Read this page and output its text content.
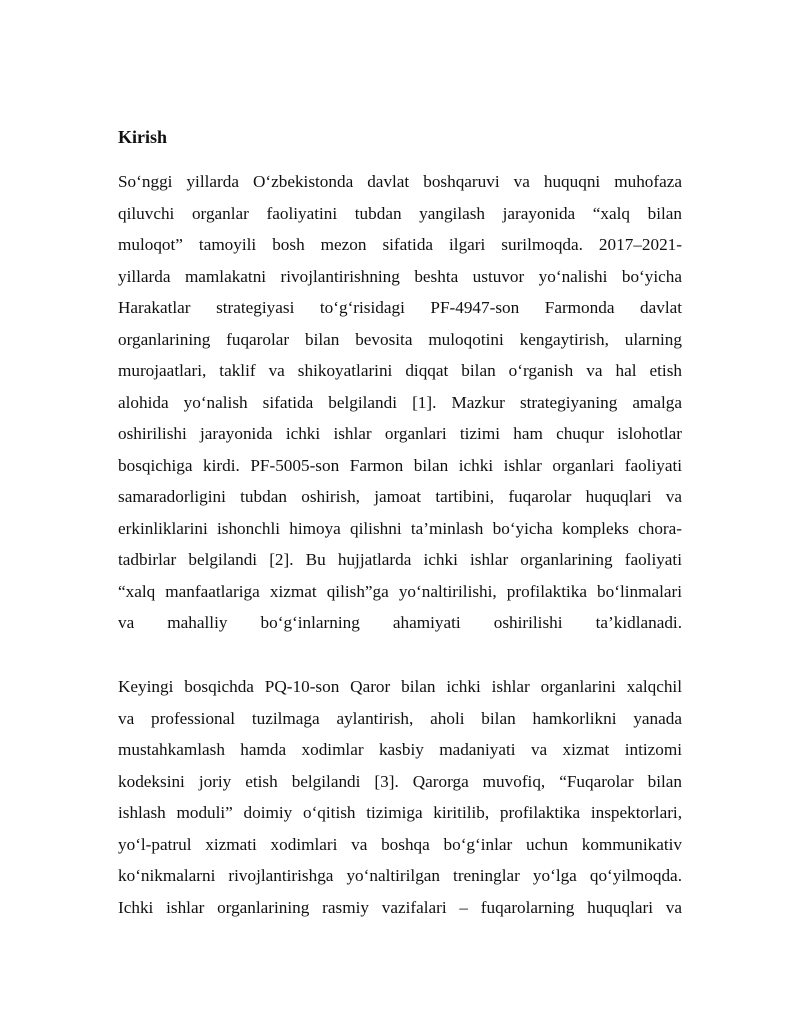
Kirish

So‘nggi yillarda O‘zbekistonda davlat boshqaruvi va huquqni muhofaza
qiluvchi organlar faoliyatini tubdan yangilash jarayonida “xalq bilan
muloqot” tamoyili bosh mezon sifatida ilgari surilmoqda. 2017–2021-
yillarda mamlakatni rivojlantirishning beshta ustuvor yo‘nalishi bo‘yicha
Harakatlar strategiyasi to‘g‘risidagi PF-4947-son Farmonda davlat
organlarining fuqarolar bilan bevosita muloqotini kengaytirish, ularning
murojaatlari, taklif va shikoyatlarini diqqat bilan o‘rganish va hal etish
alohida yo‘nalish sifatida belgilandi [1]. Mazkur strategiyaning amalga
oshirilishi jarayonida ichki ishlar organlari tizimi ham chuqur islohotlar
bosqichiga kirdi. PF-5005-son Farmon bilan ichki ishlar organlari faoliyati
samaradorligini tubdan oshirish, jamoat tartibini, fuqarolar huquqlari va
erkinliklarini ishonchli himoya qilishni ta’minlash bo‘yicha kompleks chora-
tadbirlar belgilandi [2]. Bu hujjatlarda ichki ishlar organlarining faoliyati
“xalq manfaatlariga xizmat qilish”ga yo‘naltirilishi, profilaktika bo‘linmalari
va mahalliy bo‘g‘inlarning ahamiyati oshirilishi ta’kidlanadi.

Keyingi bosqichda PQ-10-son Qaror bilan ichki ishlar organlarini xalqchil
va professional tuzilmaga aylantirish, aholi bilan hamkorlikni yanada
mustahkamlash hamda xodimlar kasbiy madaniyati va xizmat intizomi
kodeksini joriy etish belgilandi [3]. Qarorga muvofiq, “Fuqarolar bilan
ishlash moduli” doimiy o‘qitish tizimiga kiritilib, profilaktika inspektorlari,
yo‘l-patrul xizmati xodimlari va boshqa bo‘g‘inlar uchun kommunikativ
ko‘nikmalarni rivojlantirishga yo‘naltirilgan treninglar yo‘lga qo‘yilmoqda.
Ichki ishlar organlarining rasmiy vazifalari – fuqarolarning huquqlari va
